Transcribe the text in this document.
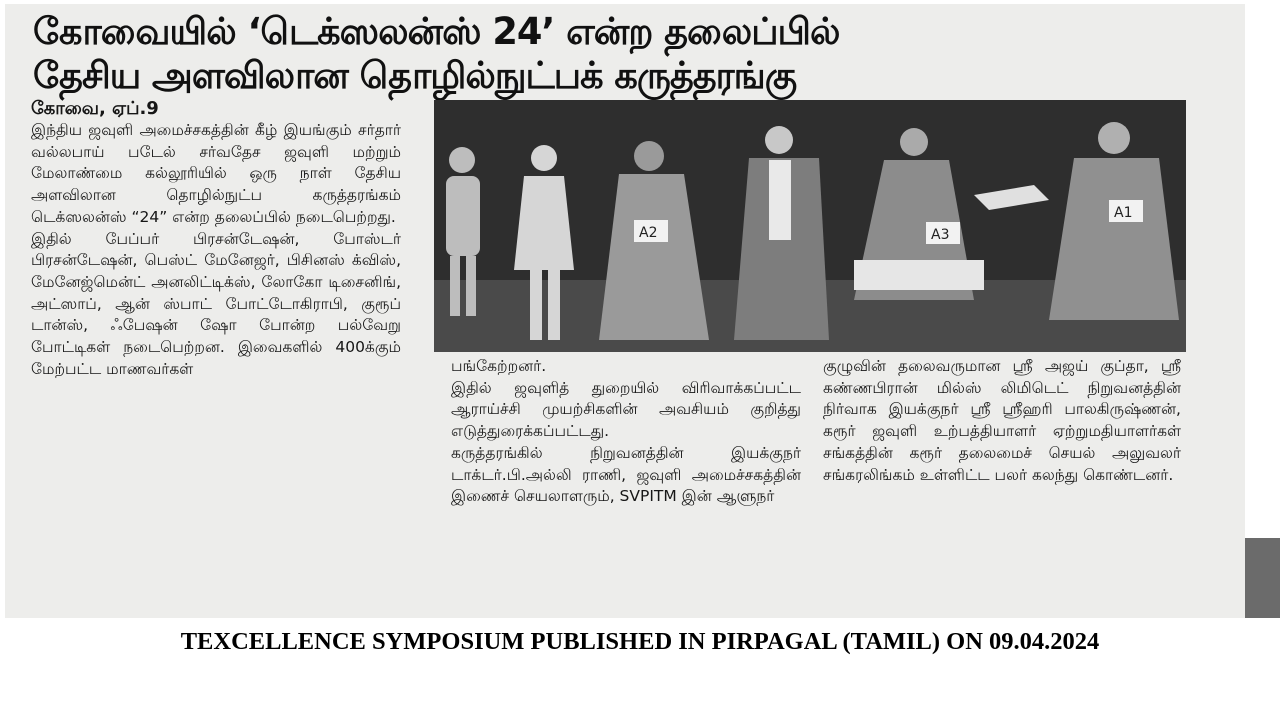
கோவையில் ‘டெக்ஸலன்ஸ் 24’ என்ற தலைப்பில்
தேசிய அளவிலான தொழில்நுட்பக் கருத்தரங்கு

கோவை, ஏப்.9

இந்திய ஜவுளி அமைச்சகத்தின் கீழ் இயங்கும் சர்தார் வல்லபாய் படேல் சர்வதேச ஜவுளி மற்றும் மேலாண்மை கல்லூரியில் ஒரு நாள் தேசிய அளவிலான தொழில்நுட்ப கருத்தரங்கம் டெக்ஸலன்ஸ் “24” என்ற தலைப்பில் நடைபெற்றது.
இதில் பேப்பர் பிரசன்டேஷன், போஸ்டர் பிரசன்டேஷன், பெஸ்ட் மேனேஜர், பிசினஸ் க்விஸ், மேனேஜ்மென்ட் அனலிட்டிக்ஸ், லோகோ டிசைனிங், அட்ஸாப், ஆன் ஸ்பாட் போட்டோகிராபி, குரூப் டான்ஸ், ஃபேஷன் ஷோ போன்ற பல்வேறு போட்டிகள் நடைபெற்றன. இவைகளில் 400க்கும் மேற்பட்ட மாணவர்கள்

A2	A3
A1

பங்கேற்றனர்.
இதில் ஜவுளித் துறையில் விரிவாக்கப்பட்ட ஆராய்ச்சி முயற்சிகளின் அவசியம் குறித்து எடுத்துரைக்கப்பட்டது.
கருத்தரங்கில் நிறுவனத்தின் இயக்குநர் டாக்டர்.பி.அல்லி ராணி, ஜவுளி அமைச்சகத்தின் இணைச் செயலாளரும், SVPITM இன் ஆளுநர்

குழுவின் தலைவருமான ஸ்ரீ அஜய் குப்தா, ஸ்ரீ கண்ணபிரான் மில்ஸ் லிமிடெட் நிறுவனத்தின் நிர்வாக இயக்குநர் ஸ்ரீ ஸ்ரீஹரி பாலகிருஷ்ணன், கரூர் ஜவுளி உற்பத்தியாளர் ஏற்றுமதியாளர்கள் சங்கத்தின் கரூர் தலைமைச் செயல் அலுவலர் சங்கரலிங்கம் உள்ளிட்ட பலர் கலந்து கொண்டனர்.

TEXCELLENCE SYMPOSIUM PUBLISHED IN PIRPAGAL (TAMIL) ON 09.04.2024
